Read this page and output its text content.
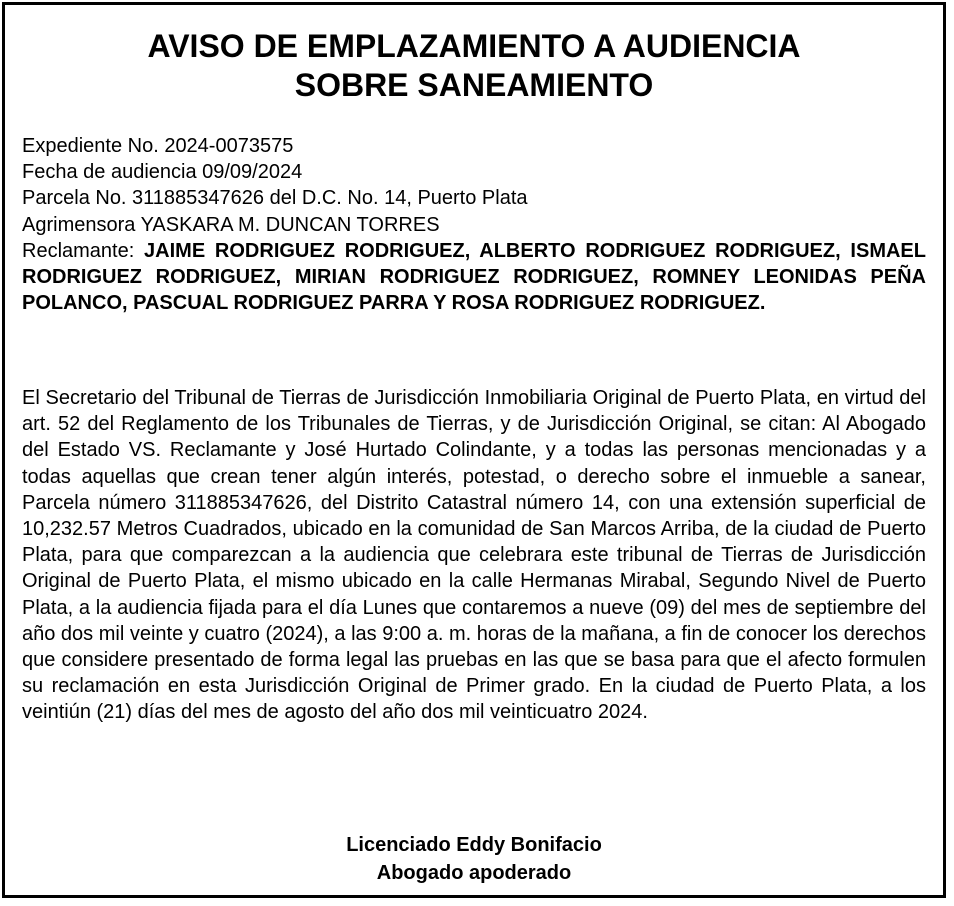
AVISO DE EMPLAZAMIENTO A AUDIENCIA
SOBRE SANEAMIENTO
Expediente No. 2024-0073575
Fecha de audiencia 09/09/2024
Parcela No. 311885347626 del D.C. No. 14, Puerto Plata
Agrimensora YASKARA M. DUNCAN TORRES
Reclamante: JAIME RODRIGUEZ RODRIGUEZ, ALBERTO RODRIGUEZ RODRIGUEZ, ISMAEL RODRIGUEZ RODRIGUEZ, MIRIAN RODRIGUEZ RODRIGUEZ, ROMNEY LEONIDAS PEÑA POLANCO, PASCUAL RODRIGUEZ PARRA Y ROSA RODRIGUEZ RODRIGUEZ.
El Secretario del Tribunal de Tierras de Jurisdicción Inmobiliaria Original de Puerto Plata, en virtud del art. 52 del Reglamento de los Tribunales de Tierras, y de Jurisdicción Original, se citan: Al Abogado del Estado VS. Reclamante y José Hurtado Colindante, y a todas las personas mencionadas y a todas aquellas que crean tener algún interés, potestad, o derecho sobre el inmueble a sanear, Parcela número 311885347626, del Distrito Catastral número 14, con una extensión superficial de 10,232.57 Metros Cuadrados, ubicado en la comunidad de San Marcos Arriba, de la ciudad de Puerto Plata, para que comparezcan a la audiencia que celebrara este tribunal de Tierras de Jurisdicción Original de Puerto Plata, el mismo ubicado en la calle Hermanas Mirabal, Segundo Nivel de Puerto Plata, a la audiencia fijada para el día Lunes que contaremos a nueve (09) del mes de septiembre del año dos mil veinte y cuatro (2024), a las 9:00 a. m. horas de la mañana, a fin de conocer los derechos que considere presentado de forma legal las pruebas en las que se basa para que el afecto formulen su reclamación en esta Jurisdicción Original de Primer grado. En la ciudad de Puerto Plata, a los veintiún (21) días del mes de agosto del año dos mil veinticuatro 2024.
Licenciado Eddy Bonifacio
Abogado apoderado
